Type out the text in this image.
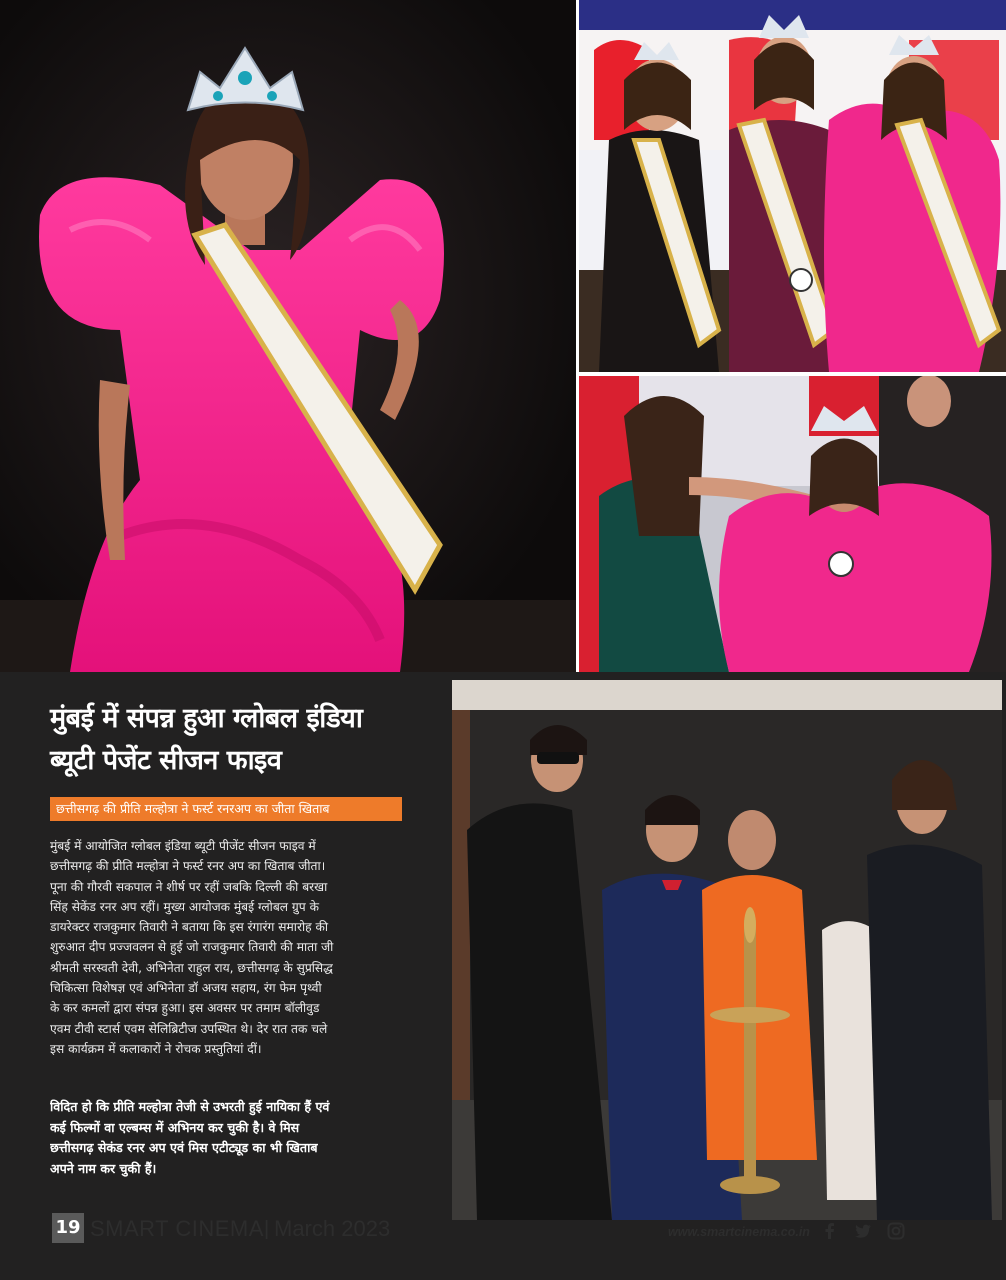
मुंबई में संपन्न हुआ ग्लोबल इंडिया
ब्यूटी पेजेंट सीजन फाइव
छत्तीसगढ़ की प्रीति मल्होत्रा ने फर्स्ट रनरअप का जीता खिताब
मुंबई में आयोजित ग्लोबल इंडिया ब्यूटी पीजेंट सीजन फाइव में
छत्तीसगढ़ की प्रीति मल्होत्रा ने फर्स्ट रनर अप का खिताब जीता।
पूना की गौरवी सकपाल ने शीर्ष पर रहीं जबकि दिल्ली की बरखा
सिंह सेकेंड रनर अप रहीं। मुख्य आयोजक मुंबई ग्लोबल ग्रुप के
डायरेक्टर राजकुमार तिवारी ने बताया कि इस रंगारंग समारोह की
शुरुआत दीप प्रज्जवलन से हुई जो राजकुमार तिवारी की माता जी
श्रीमती सरस्वती देवी, अभिनेता राहुल राय, छत्तीसगढ़ के सुप्रसिद्ध
चिकित्सा विशेषज्ञ एवं अभिनेता डॉ अजय सहाय, रंग फेम पृथ्वी
के कर कमलों द्वारा संपन्न हुआ। इस अवसर पर तमाम बॉलीवुड
एवम टीवी स्टार्स एवम सेलिब्रिटीज उपस्थित थे। देर रात तक चले
इस कार्यक्रम में कलाकारों ने रोचक प्रस्तुतियां दीं।
विदित हो कि प्रीति मल्होत्रा तेजी से उभरती हुई नायिका हैं एवं
कई फिल्मों वा एल्बम्स में अभिनय कर चुकी है। वे मिस
छत्तीसगढ़ सेकंड रनर अप एवं मिस एटीट्यूड का भी खिताब
अपने नाम कर चुकी हैं।
19 SMART CINEMA | March 2023	www.smartcinema.co.in
